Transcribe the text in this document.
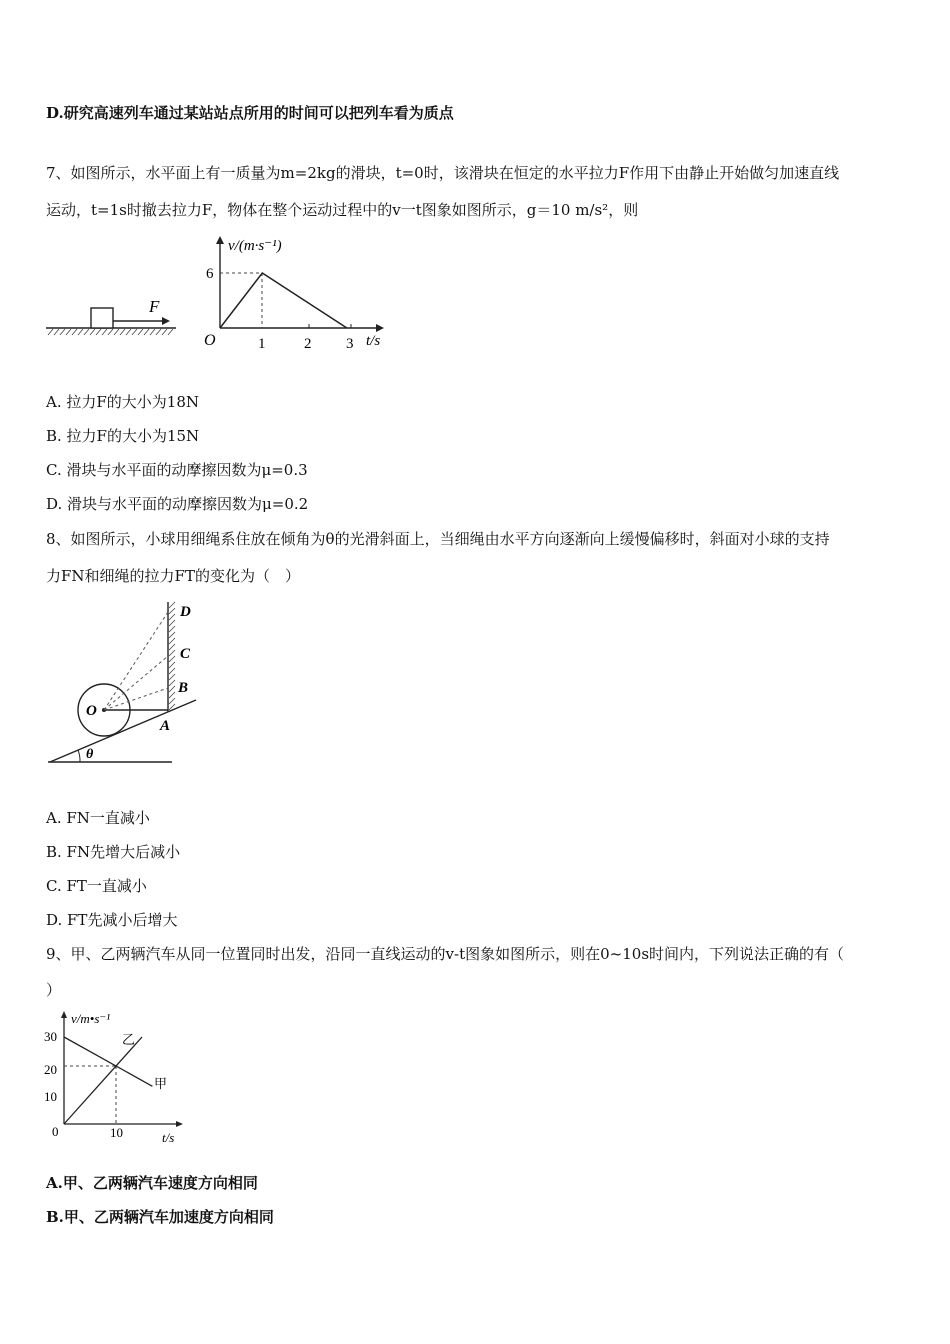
D.研究高速列车通过某站站点所用的时间可以把列车看为质点
7、如图所示，水平面上有一质量为m=2kg的滑块，t=0时，该滑块在恒定的水平拉力F作用下由静止开始做匀加速直线
运动，t=1s时撤去拉力F，物体在整个运动过程中的v一t图象如图所示，g＝10 m/s²，则
F
v/(m·s⁻¹)
6
O	1	2 3 t/s
A. 拉力F的大小为18N
B. 拉力F的大小为15N
C. 滑块与水平面的动摩擦因数为μ=0.3
D. 滑块与水平面的动摩擦因数为μ=0.2
8、如图所示，小球用细绳系住放在倾角为θ的光滑斜面上，当细绳由水平方向逐渐向上缓慢偏移时，斜面对小球的支持
力FN和细绳的拉力FT的变化为（　）
D
C
B
A
O
θ
A. FN一直减小
B. FN先增大后减小
C. FT一直减小
D. FT先减小后增大
9、甲、乙两辆汽车从同一位置同时出发，沿同一直线运动的v-t图象如图所示，则在0~10s时间内，下列说法正确的有（
）
v/m•s⁻¹
30
20
10
0	10	t/s
乙
甲
A.甲、乙两辆汽车速度方向相同
B.甲、乙两辆汽车加速度方向相同
